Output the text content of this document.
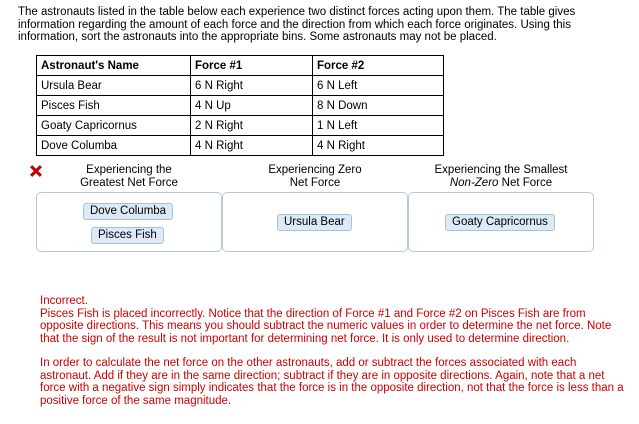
The astronauts listed in the table below each experience two distinct forces acting upon them. The table gives information regarding the amount of each force and the direction from which each force originates. Using this information, sort the astronauts into the appropriate bins. Some astronauts may not be placed.

Astronaut's Name	Force #1	Force #2
Ursula Bear	6 N Right	6 N Left
Pisces Fish	4 N Up	8 N Down
Goaty Capricornus	2 N Right	1 N Left
Dove Columba	4 N Right	4 N Right
Experiencing the
Greatest Net Force
Experiencing Zero
Net Force
Experiencing the Smallest
Non-Zero Net Force
Dove Columba
Pisces Fish
Ursula Bear	Goaty Capricornus

Incorrect.

Pisces Fish is placed incorrectly. Notice that the direction of Force #1 and Force #2 on Pisces Fish are from opposite directions. This means you should subtract the numeric values in order to determine the net force. Note that the sign of the result is not important for determining net force. It is only used to determine direction.

In order to calculate the net force on the other astronauts, add or subtract the forces associated with each astronaut. Add if they are in the same direction; subtract if they are in opposite directions. Again, note that a net force with a negative sign simply indicates that the force is in the opposite direction, not that the force is less than a positive force of the same magnitude.
